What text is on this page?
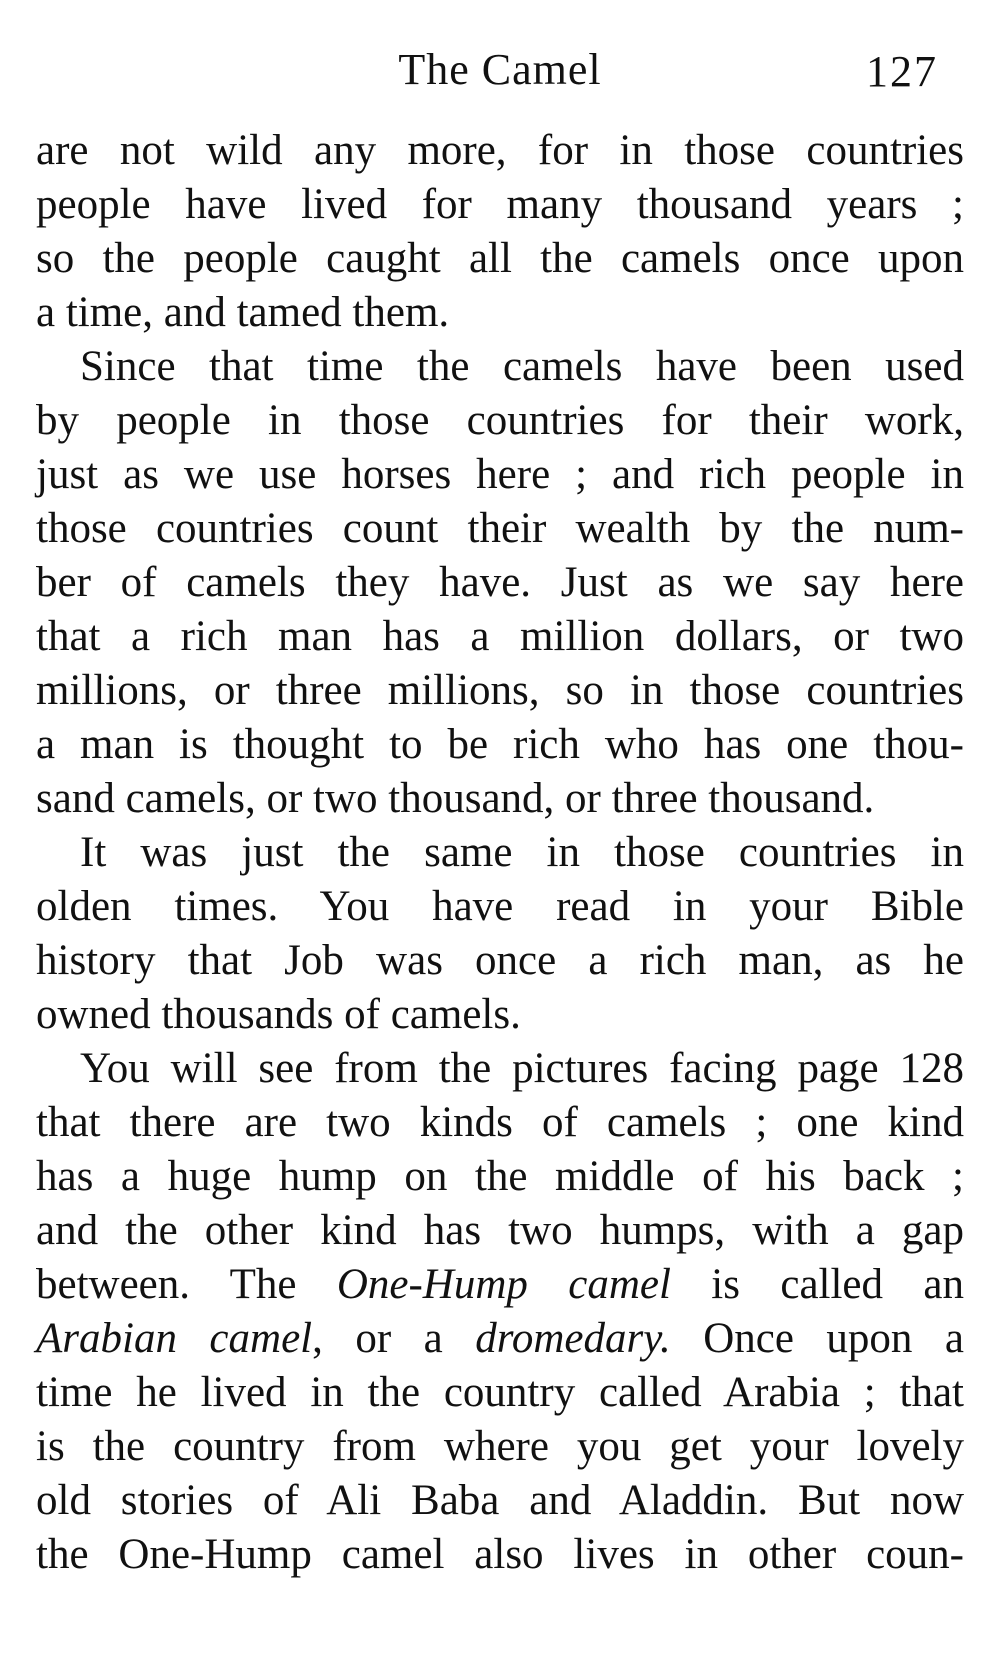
The Camel	127
are not wild any more, for in those countries
people have lived for many thousand years ;
so the people caught all the camels once upon
a time, and tamed them.
Since that time the camels have been used
by people in those countries for their work,
just as we use horses here ; and rich people in
those countries count their wealth by the num-
ber of camels they have. Just as we say here
that a rich man has a million dollars, or two
millions, or three millions, so in those countries
a man is thought to be rich who has one thou-
sand camels, or two thousand, or three thousand.
It was just the same in those countries in
olden times. You have read in your Bible
history that Job was once a rich man, as he
owned thousands of camels.
You will see from the pictures facing page 128
that there are two kinds of camels ; one kind
has a huge hump on the middle of his back ;
and the other kind has two humps, with a gap
between. The One-Hump camel is called an
Arabian camel, or a dromedary. Once upon a
time he lived in the country called Arabia ; that
is the country from where you get your lovely
old stories of Ali Baba and Aladdin. But now
the One-Hump camel also lives in other coun-
